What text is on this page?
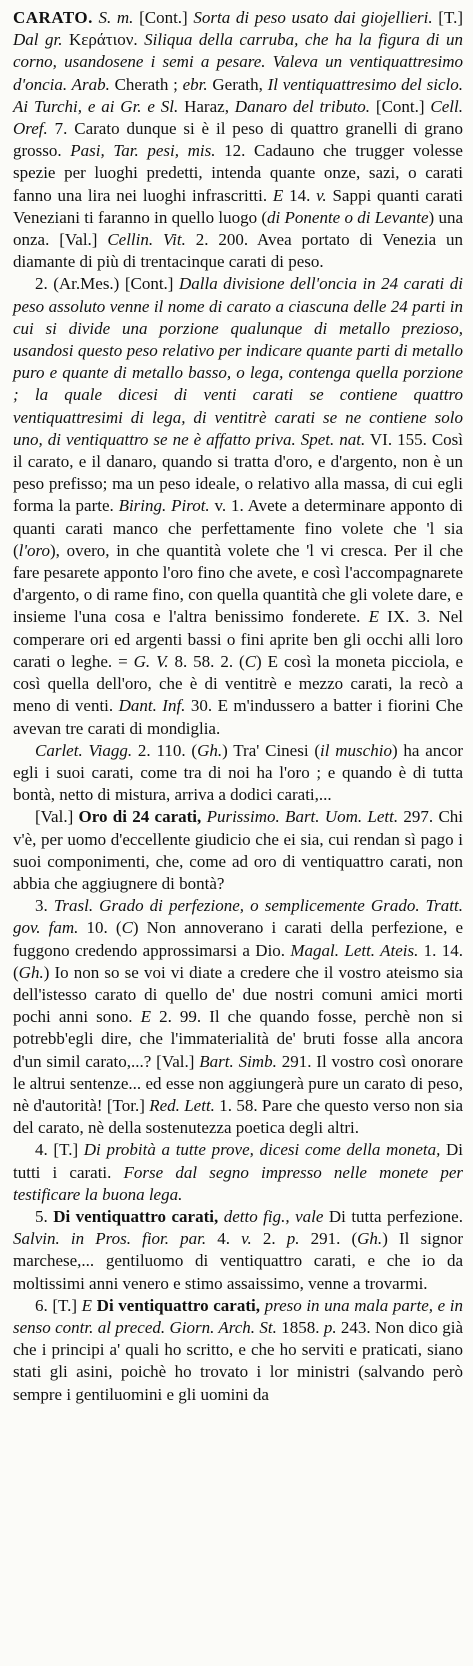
CARATO. S. m. [Cont.] Sorta di peso usato dai giojellieri. [T.] Dal gr. Κεράτιον. Siliqua della carruba, che ha la figura di un corno, usandosene i semi a pesare. Valeva un ventiquattresimo d'oncia. Arab. Cherath ; ebr. Gerath, Il ventiquattresimo del siclo. Ai Turchi, e ai Gr. e Sl. Haraz, Danaro del tributo. [Cont.] Cell. Oref. 7. Carato dunque si è il peso di quattro granelli di grano grosso. Pasi, Tar. pesi, mis. 12. Cadauno che trugger volesse spezie per luoghi predetti, intenda quante onze, sazi, o carati fanno una lira nei luoghi infrascritti. E 14. v. Sappi quanti carati Veneziani ti faranno in quello luogo (di Ponente o di Levante) una onza. [Val.] Cellin. Vit. 2. 200. Avea portato di Venezia un diamante di più di trentacinque carati di peso.

2. (Ar.Mes.) [Cont.] Dalla divisione dell'oncia in 24 carati di peso assoluto venne il nome di carato a ciascuna delle 24 parti in cui si divide una porzione qualunque di metallo prezioso, usandosi questo peso relativo per indicare quante parti di metallo puro e quante di metallo basso, o lega, contenga quella porzione ; la quale dicesi di venti carati se contiene quattro ventiquattresimi di lega, di ventitrè carati se ne contiene solo uno, di ventiquattro se ne è affatto priva. Spet. nat. VI. 155. Così il carato, e il danaro, quando si tratta d'oro, e d'argento, non è un peso prefisso; ma un peso ideale, o relativo alla massa, di cui egli forma la parte. Biring. Pirot. v. 1. Avete a determinare apponto di quanti carati manco che perfettamente fino volete che 'l sia (l'oro), overo, in che quantità volete che 'l vi cresca. Per il che fare pesarete apponto l'oro fino che avete, e così l'accompagnarete d'argento, o di rame fino, con quella quantità che gli volete dare, e insieme l'una cosa e l'altra benissimo fonderete. E IX. 3. Nel comperare ori ed argenti bassi o fini aprite ben gli occhi alli loro carati o leghe. = G. V. 8. 58. 2. (C) E così la moneta picciola, e così quella dell'oro, che è di ventitrè e mezzo carati, la recò a meno di venti. Dant. Inf. 30. E m'indussero a batter i fiorini Che avevan tre carati di mondiglia.

Carlet. Viagg. 2. 110. (Gh.) Tra' Cinesi (il muschio) ha ancor egli i suoi carati, come tra di noi ha l'oro ; e quando è di tutta bontà, netto di mistura, arriva a dodici carati,...

[Val.] Oro di 24 carati, Purissimo. Bart. Uom. Lett. 297. Chi v'è, per uomo d'eccellente giudicio che ei sia, cui rendan sì pago i suoi componimenti, che, come ad oro di ventiquattro carati, non abbia che aggiugnere di bontà?

3. Trasl. Grado di perfezione, o semplicemente Grado. Tratt. gov. fam. 10. (C) Non annoverano i carati della perfezione, e fuggono credendo approssimarsi a Dio. Magal. Lett. Ateis. 1. 14. (Gh.) Io non so se voi vi diate a credere che il vostro ateismo sia dell'istesso carato di quello de' due nostri comuni amici morti pochi anni sono. E 2. 99. Il che quando fosse, perchè non si potrebb'egli dire, che l'immaterialità de' bruti fosse alla ancora d'un simil carato,...? [Val.] Bart. Simb. 291. Il vostro così onorare le altrui sentenze... ed esse non aggiungerà pure un carato di peso, nè d'autorità! [Tor.] Red. Lett. 1. 58. Pare che questo verso non sia del carato, nè della sostenutezza poetica degli altri.

4. [T.] Di probità a tutte prove, dicesi come della moneta, Di tutti i carati. Forse dal segno impresso nelle monete per testificare la buona lega.

5. Di ventiquattro carati, detto fig., vale Di tutta perfezione. Salvin. in Pros. fior. par. 4. v. 2. p. 291. (Gh.) Il signor marchese,... gentiluomo di ventiquattro carati, e che io da moltissimi anni venero e stimo assaissimo, venne a trovarmi.

6. [T.] E Di ventiquattro carati, preso in una mala parte, e in senso contr. al preced. Giorn. Arch. St. 1858. p. 243. Non dico già che i principi a' quali ho scritto, e che ho serviti e praticati, siano stati gli asini, poichè ho trovato i lor ministri (salvando però sempre i gentiluomini e gli uomini da
